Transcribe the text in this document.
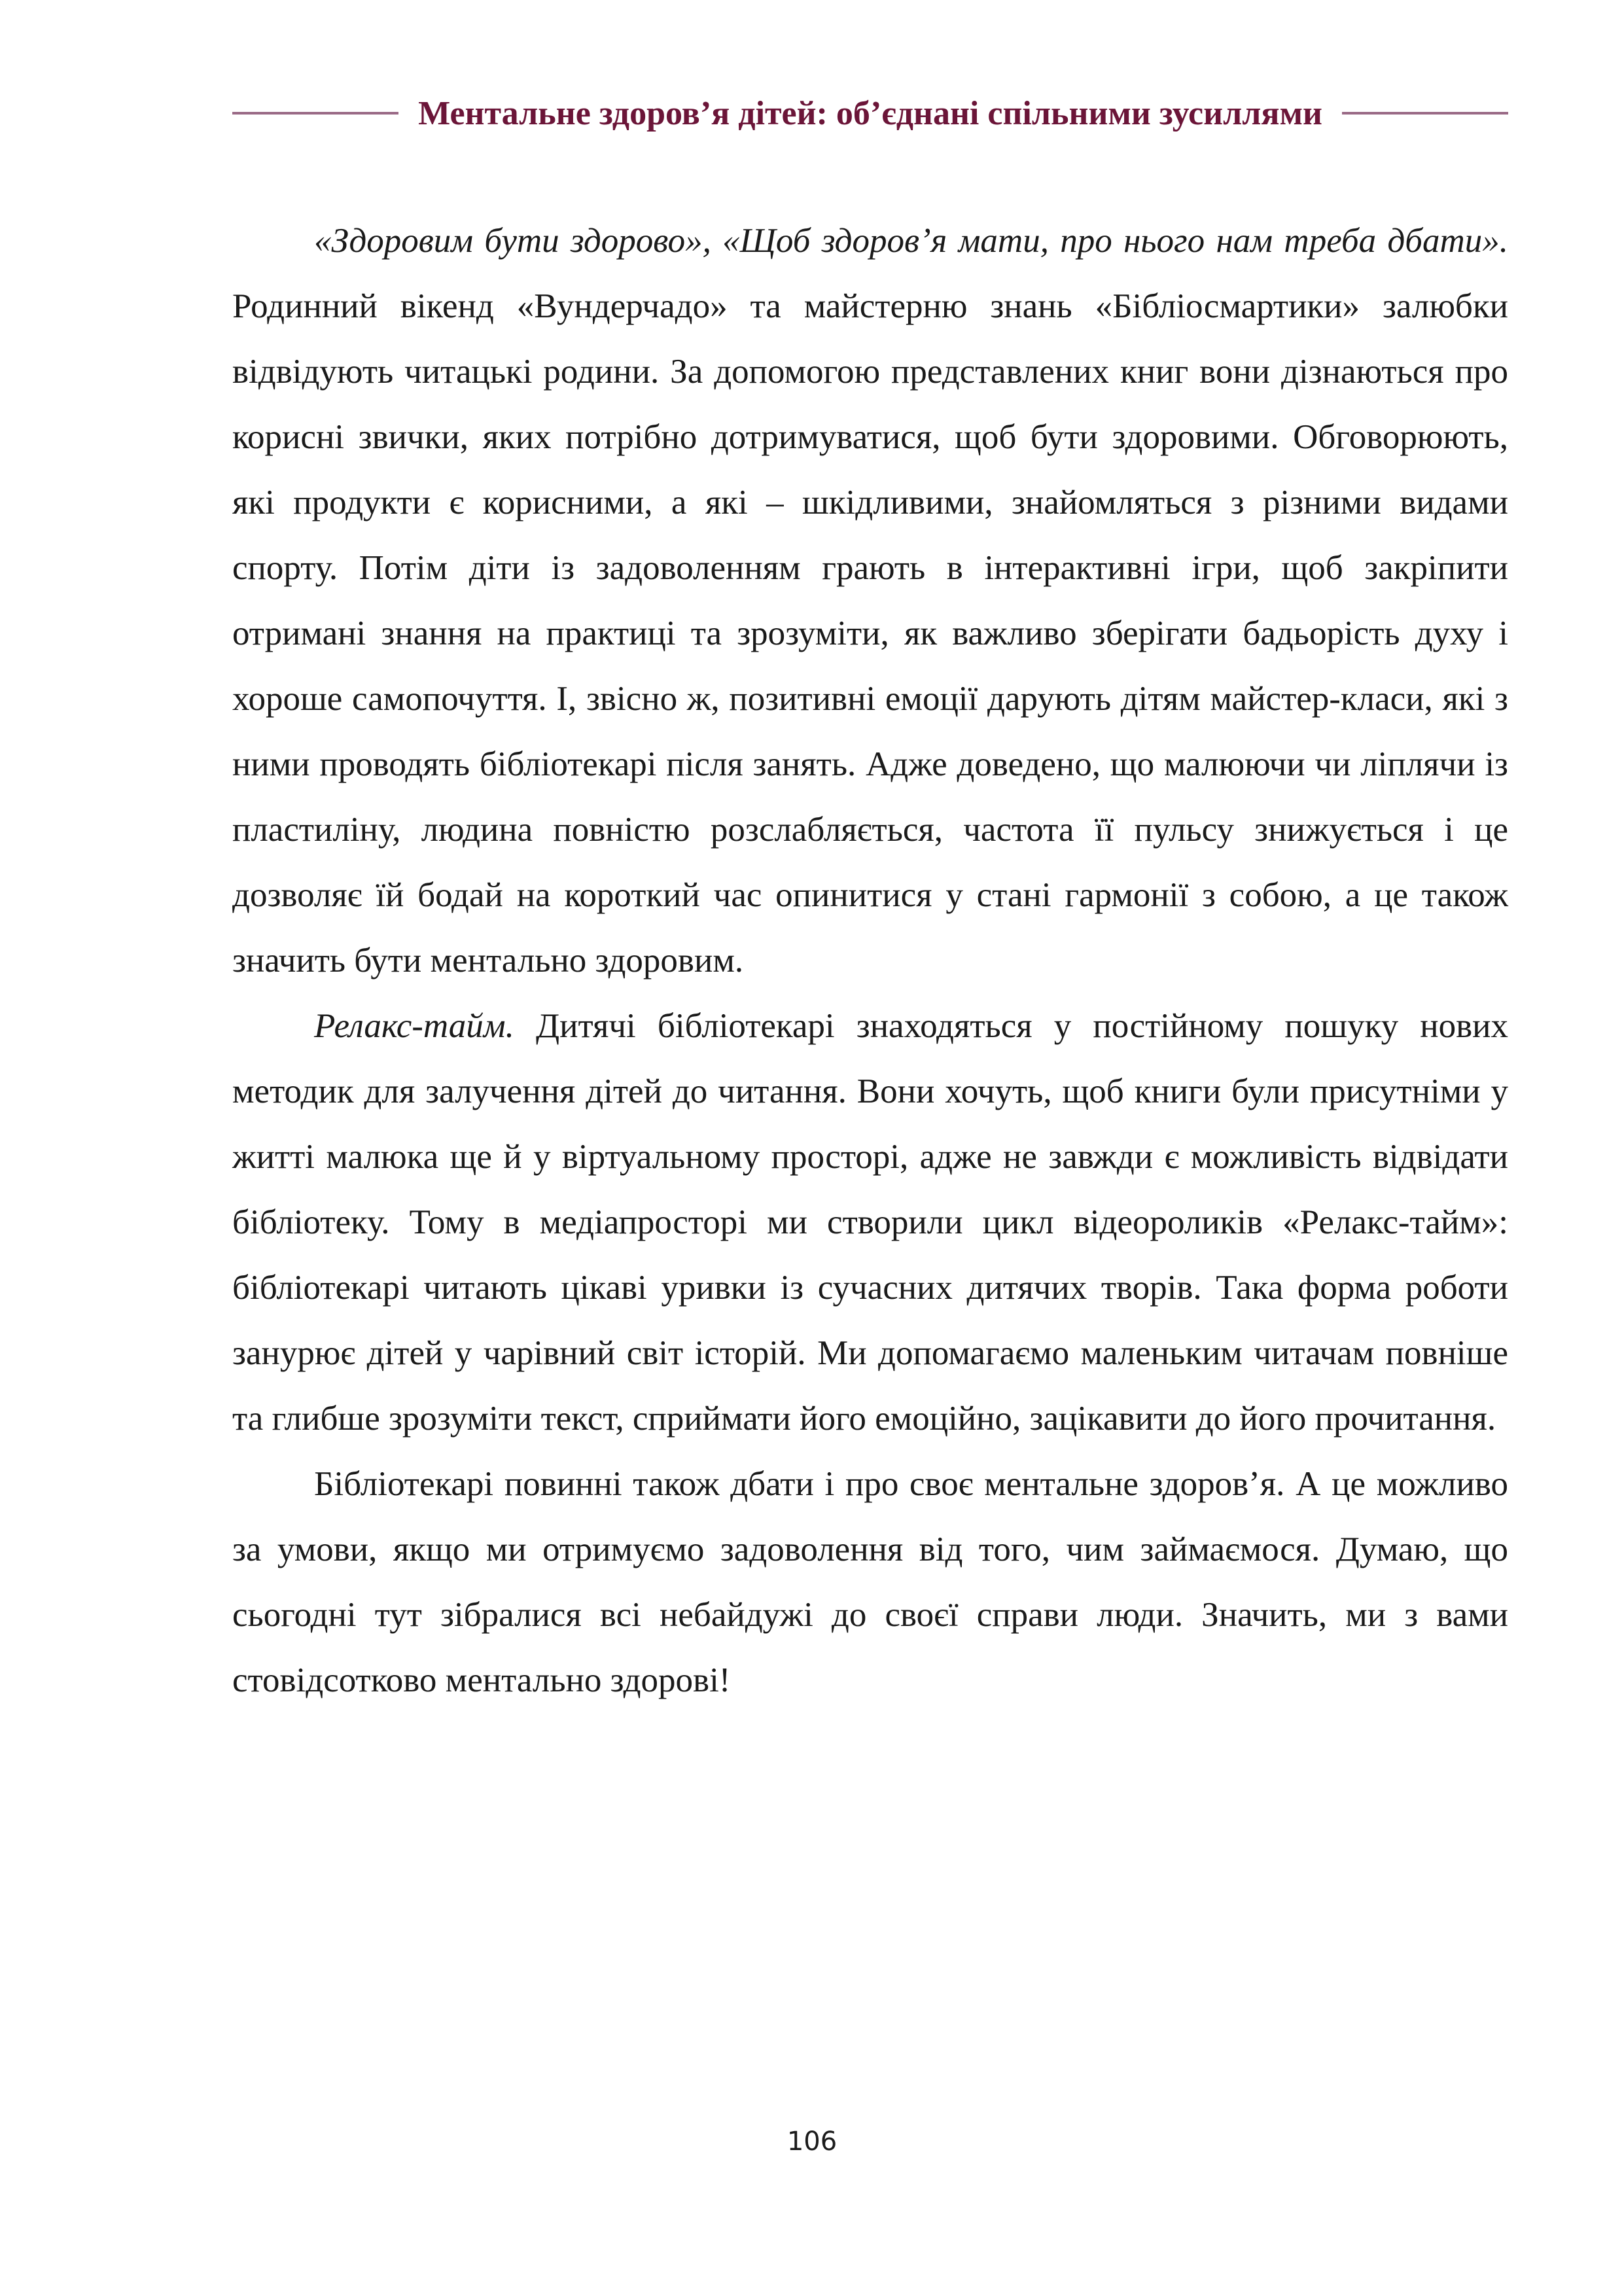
Ментальне здоров’я дітей: об’єднані спільними зусиллями

«Здоровим бути здорово», «Щоб здоров’я мати, про нього нам треба дбати». Родинний вікенд «Вундерчадо» та майстерню знань «Бібліосмартики» залюбки відвідують читацькі родини. За допомогою представлених книг вони дізнаються про корисні звички, яких потрібно дотримуватися, щоб бути здоровими. Обговорюють, які продукти є корисними, а які – шкідливими, знайомляться з різними видами спорту. Потім діти із задоволенням грають в інтерактивні ігри, щоб закріпити отримані знання на практиці та зрозуміти, як важливо зберігати бадьорість духу і хороше самопочуття. І, звісно ж, позитивні емоції дарують дітям майстер-класи, які з ними проводять бібліотекарі після занять. Адже доведено, що малюючи чи ліплячи із пластиліну, людина повністю розслабляється, частота її пульсу знижується і це дозволяє їй бодай на короткий час опинитися у стані гармонії з собою, а це також значить бути ментально здоровим.

Релакс-тайм. Дитячі бібліотекарі знаходяться у постійному пошуку нових методик для залучення дітей до читання. Вони хочуть, щоб книги були присутніми у житті малюка ще й у віртуальному просторі, адже не завжди є можливість відвідати бібліотеку. Тому в медіапросторі ми створили цикл відеороликів «Релакс-тайм»: бібліотекарі читають цікаві уривки із сучасних дитячих творів. Така форма роботи занурює дітей у чарівний світ історій. Ми допомагаємо маленьким читачам повніше та глибше зрозуміти текст, сприймати його емоційно, зацікавити до його прочитання.

Бібліотекарі повинні також дбати і про своє ментальне здоров’я. А це можливо за умови, якщо ми отримуємо задоволення від того, чим займаємося. Думаю, що сьогодні тут зібралися всі небайдужі до своєї справи люди. Значить, ми з вами стовідсотково ментально здорові!

106
